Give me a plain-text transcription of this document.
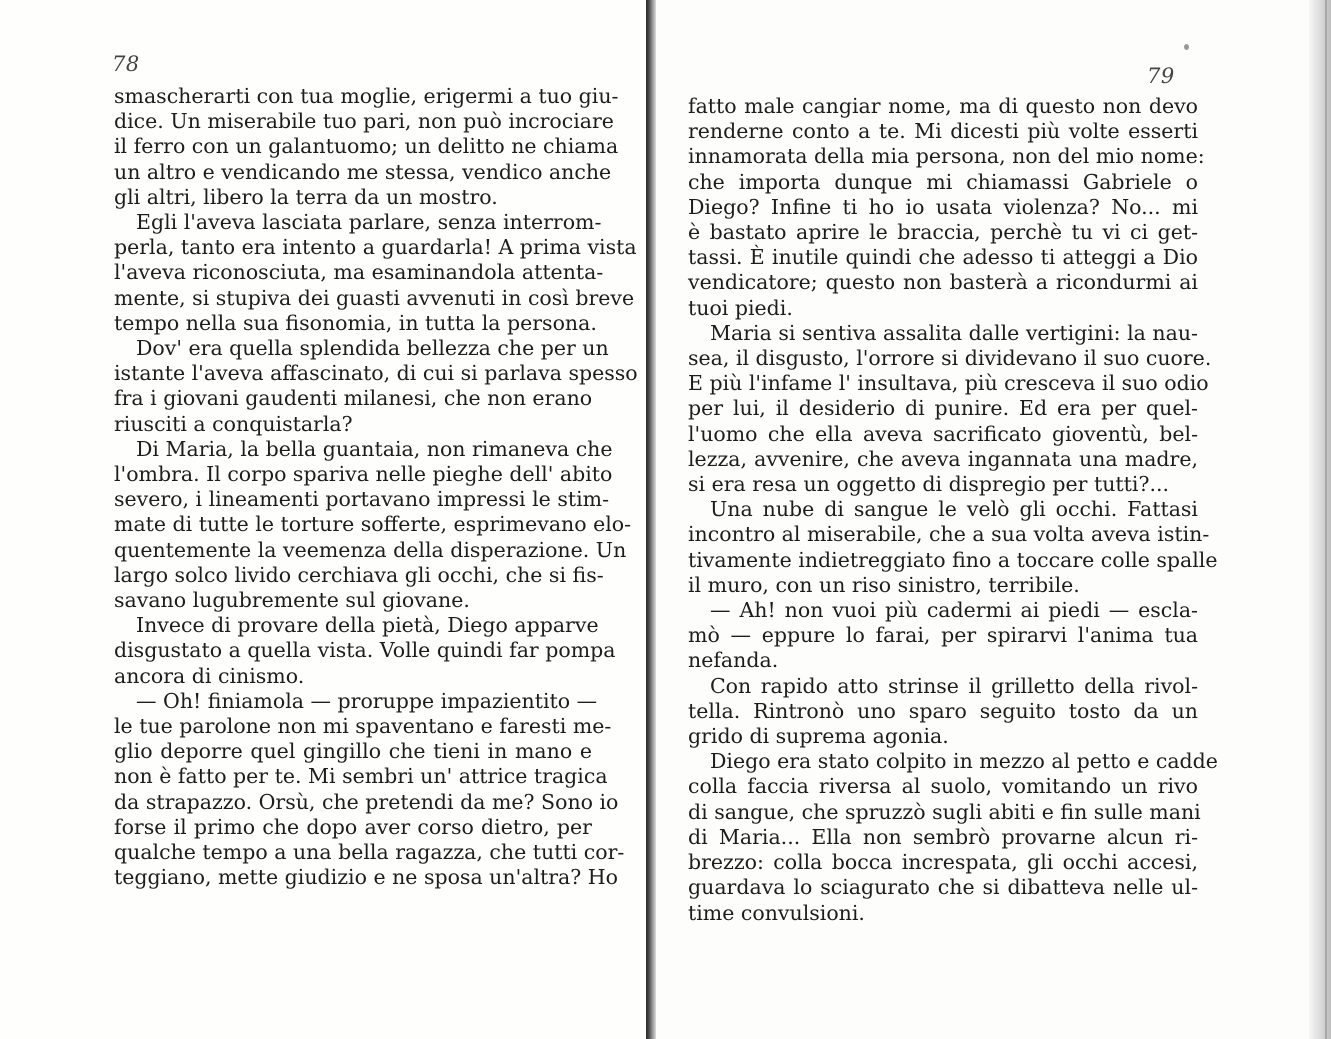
78
smascherarti con tua moglie, erigermi a tuo giu-
dice. Un miserabile tuo pari, non può incrociare
il ferro con un galantuomo; un delitto ne chiama
un altro e vendicando me stessa, vendico anche
gli altri, libero la terra da un mostro.
Egli l'aveva lasciata parlare, senza interrom-
perla, tanto era intento a guardarla! A prima vista
l'aveva riconosciuta, ma esaminandola attenta-
mente, si stupiva dei guasti avvenuti in così breve
tempo nella sua fisonomia, in tutta la persona.
Dov' era quella splendida bellezza che per un
istante l'aveva affascinato, di cui si parlava spesso
fra i giovani gaudenti milanesi, che non erano
riusciti a conquistarla?
Di Maria, la bella guantaia, non rimaneva che
l'ombra. Il corpo spariva nelle pieghe dell' abito
severo, i lineamenti portavano impressi le stim-
mate di tutte le torture sofferte, esprimevano elo-
quentemente la veemenza della disperazione. Un
largo solco livido cerchiava gli occhi, che si fis-
savano lugubremente sul giovane.
Invece di provare della pietà, Diego apparve
disgustato a quella vista. Volle quindi far pompa
ancora di cinismo.
— Oh! finiamola — proruppe impazientito —
le tue parolone non mi spaventano e faresti me-
glio deporre quel gingillo che tieni in mano e
non è fatto per te. Mi sembri un' attrice tragica
da strapazzo. Orsù, che pretendi da me? Sono io
forse il primo che dopo aver corso dietro, per
qualche tempo a una bella ragazza, che tutti cor-
teggiano, mette giudizio e ne sposa un'altra? Ho
79
fatto male cangiar nome, ma di questo non devo
renderne conto a te. Mi dicesti più volte esserti
innamorata della mia persona, non del mio nome:
che importa dunque mi chiamassi Gabriele o
Diego? Infine ti ho io usata violenza? No... mi
è bastato aprire le braccia, perchè tu vi ci get-
tassi. È inutile quindi che adesso ti atteggi a Dio
vendicatore; questo non basterà a ricondurmi ai
tuoi piedi.
Maria si sentiva assalita dalle vertigini: la nau-
sea, il disgusto, l'orrore si dividevano il suo cuore.
E più l'infame l' insultava, più cresceva il suo odio
per lui, il desiderio di punire. Ed era per quel-
l'uomo che ella aveva sacrificato gioventù, bel-
lezza, avvenire, che aveva ingannata una madre,
si era resa un oggetto di dispregio per tutti?...
Una nube di sangue le velò gli occhi. Fattasi
incontro al miserabile, che a sua volta aveva istin-
tivamente indietreggiato fino a toccare colle spalle
il muro, con un riso sinistro, terribile.
— Ah! non vuoi più cadermi ai piedi — escla-
mò — eppure lo farai, per spirarvi l'anima tua
nefanda.
Con rapido atto strinse il grilletto della rivol-
tella. Rintronò uno sparo seguito tosto da un
grido di suprema agonia.
Diego era stato colpito in mezzo al petto e cadde
colla faccia riversa al suolo, vomitando un rivo
di sangue, che spruzzò sugli abiti e fin sulle mani
di Maria... Ella non sembrò provarne alcun ri-
brezzo: colla bocca increspata, gli occhi accesi,
guardava lo sciagurato che si dibatteva nelle ul-
time convulsioni.
